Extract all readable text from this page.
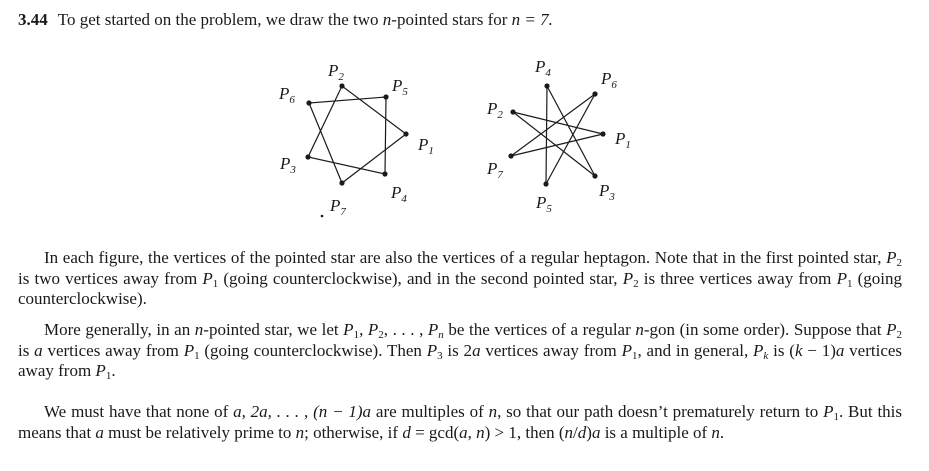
3.44 To get started on the problem, we draw the two n-pointed stars for n = 7.
$P_1$
$P_2$
$P_3$
$P_4$
$P_5$
$P_6$
$P_7$
$P_1$
$P_2$
$P_3$
$P_4$
$P_5$
$P_6$
$P_7$
In each figure, the vertices of the pointed star are also the vertices of a regular heptagon. Note that in the first pointed star, $P_2$ is two vertices away from $P_1$ (going counterclockwise), and in the second pointed star, $P_2$ is three vertices away from $P_1$ (going counterclockwise).
More generally, in an n-pointed star, we let $P_1$, $P_2$, . . . , $P_n$ be the vertices of a regular n-gon (in some order). Suppose that $P_2$ is a vertices away from $P_1$ (going counterclockwise). Then $P_3$ is 2a vertices away from $P_1$, and in general, $P_k$ is (k − 1)a vertices away from $P_1$.
We must have that none of a, 2a, . . . , (n − 1)a are multiples of n, so that our path doesn’t prematurely return to $P_1$. But this means that a must be relatively prime to n; otherwise, if d = gcd(a, n) > 1, then (n/d)a is a multiple of n.
